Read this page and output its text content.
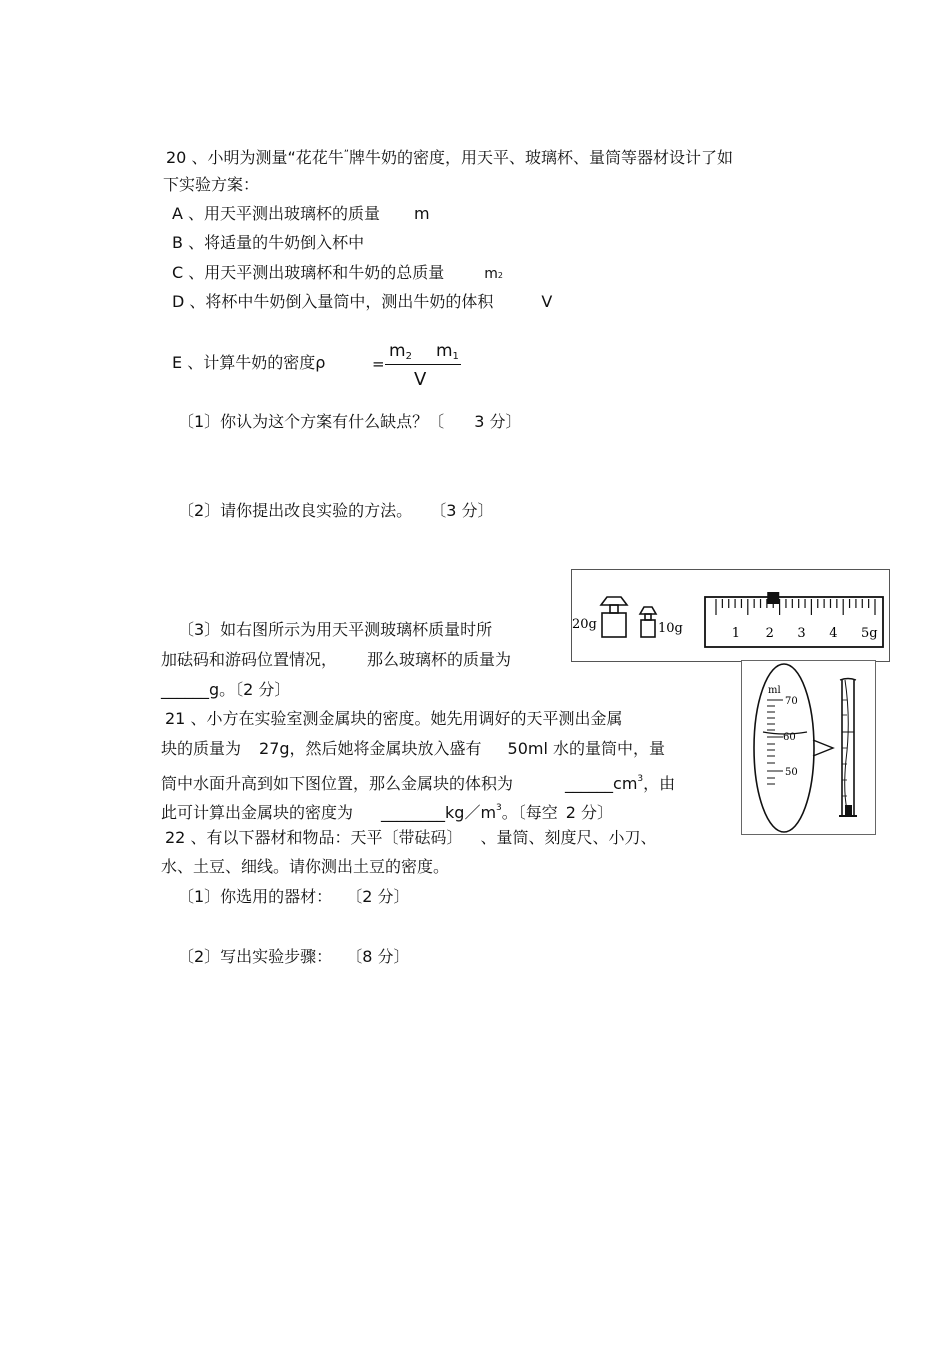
20 、小明为测量“花花牛$^ˮ$牌牛奶的密度，用天平、玻璃杯、量筒等器材设计了如
下实验方案：
A 、用天平测出玻璃杯的质量 m
B 、将适量的牛奶倒入杯中
C 、用天平测出玻璃杯和牛奶的总质量	m2
D 、将杯中牛奶倒入量筒中，测出牛奶的体积	V
E 、计算牛奶的密度ρ	=
$m_2$ $m_1$
V
〔1〕你认为这个方案有什么缺点？〔 3 分〕
〔2〕请你提出改良实验的方法。 〔3 分〕
〔3〕如右图所示为用天平测玻璃杯质量时所
加砝码和游码位置情况， 那么玻璃杯的质量为
______g。〔2 分〕
21 、小方在实验室测金属块的密度。她先用调好的天平测出金属
块的质量为 27g，然后她将金属块放入盛有 50ml 水的量筒中，量
筒中水面升高到如下图位置，那么金属块的体积为	$\_\_\_\_\_\_cm^3$，由
此可计算出金属块的密度为 $\_\_\_\_\_\_\_\_kg/m^3$。〔每空 2 分〕
22 、有以下器材和物品：天平〔带砝码〕 、量筒、刻度尺、小刀、
水、土豆、细线。请你测出土豆的密度。
〔1〕你选用的器材： 〔2 分〕
〔2〕写出实验步骤： 〔8 分〕
20g	10g	1 2 3 4 5g
ml
70
60
50
